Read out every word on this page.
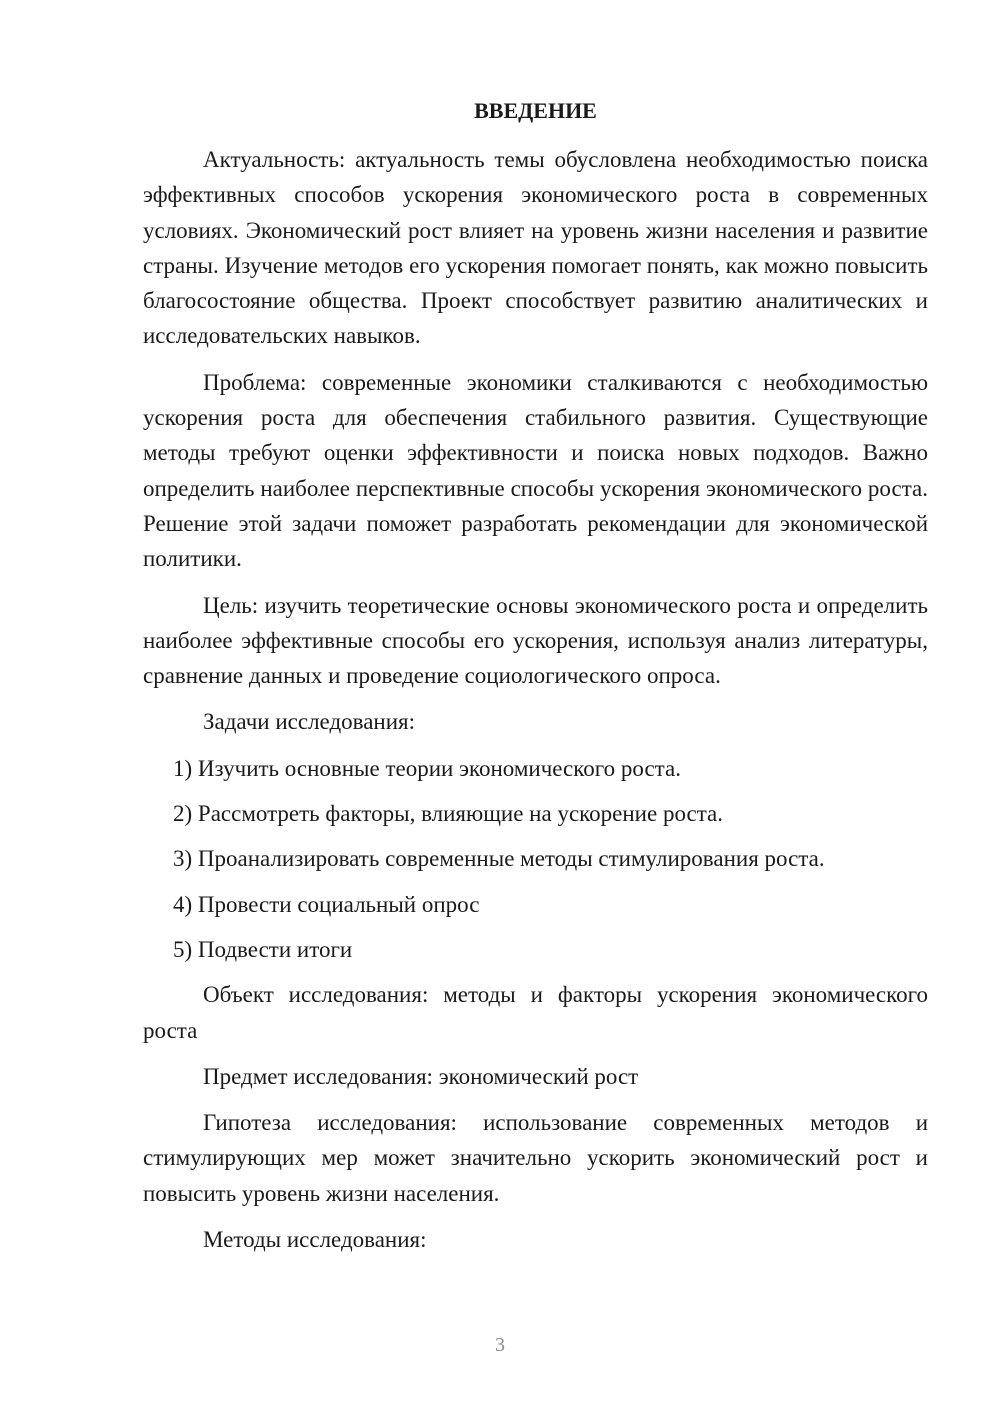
ВВЕДЕНИЕ

Актуальность: актуальность темы обусловлена необходимостью поиска эффективных способов ускорения экономического роста в современных условиях. Экономический рост влияет на уровень жизни населения и развитие страны. Изучение методов его ускорения помогает понять, как можно повысить благосостояние общества. Проект способствует развитию аналитических и исследовательских навыков.

Проблема: современные экономики сталкиваются с необходимостью ускорения роста для обеспечения стабильного развития. Существующие методы требуют оценки эффективности и поиска новых подходов. Важно определить наиболее перспективные способы ускорения экономического роста. Решение этой задачи поможет разработать рекомендации для экономической политики.

Цель: изучить теоретические основы экономического роста и определить наиболее эффективные способы его ускорения, используя анализ литературы, сравнение данных и проведение социологического опроса.

Задачи исследования:

1) Изучить основные теории экономического роста.

2) Рассмотреть факторы, влияющие на ускорение роста.

3) Проанализировать современные методы стимулирования роста.

4) Провести социальный опрос

5) Подвести итоги

Объект исследования: методы и факторы ускорения экономического роста

Предмет исследования: экономический рост

Гипотеза исследования: использование современных методов и стимулирующих мер может значительно ускорить экономический рост и повысить уровень жизни населения.

Методы исследования:

3
